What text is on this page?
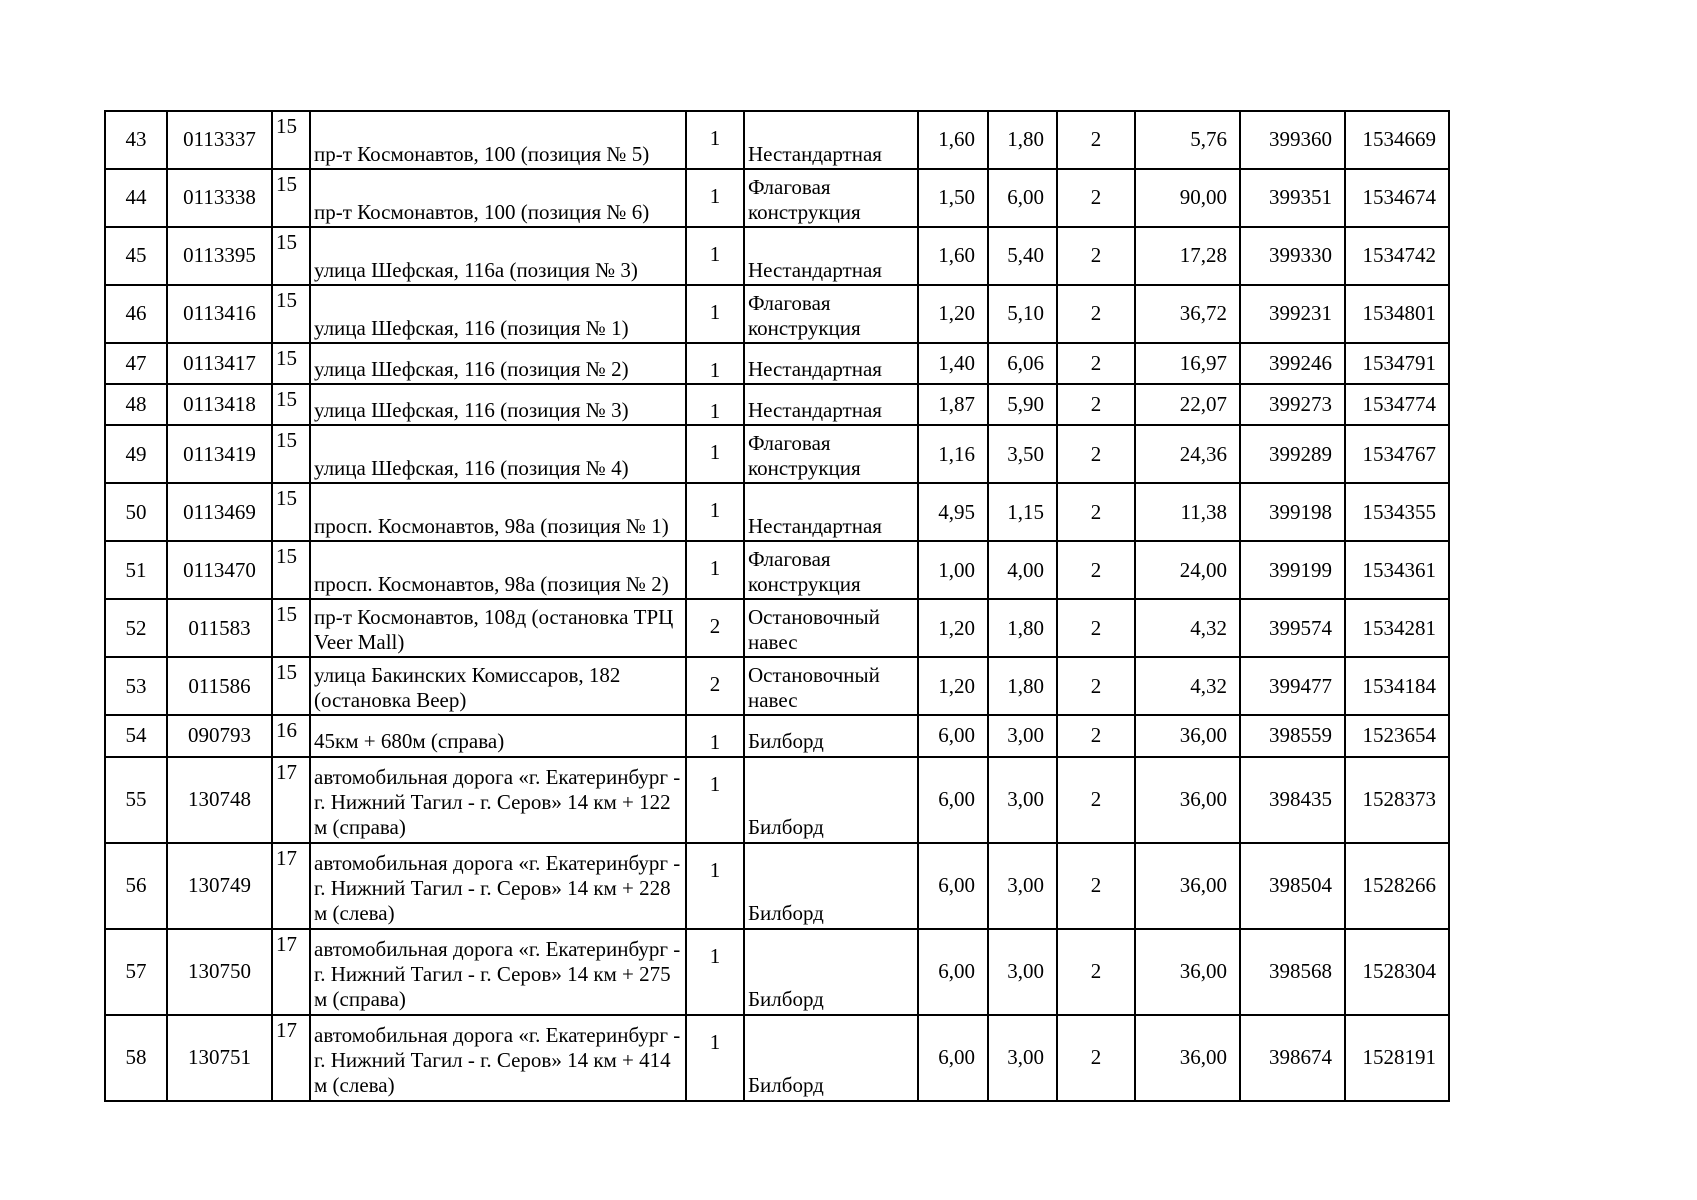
43	0113337	15	пр-т Космонавтов, 100 (позиция № 5)	1	Нестандартная	1,60	1,80	2	5,76	399360	1534669
44	0113338	15	пр-т Космонавтов, 100 (позиция № 6)	1	Флаговая конструкция	1,50	6,00	2	90,00	399351	1534674
45	0113395	15	улица Шефская, 116а (позиция № 3)	1	Нестандартная	1,60	5,40	2	17,28	399330	1534742
46	0113416	15	улица Шефская, 116 (позиция № 1)	1	Флаговая конструкция	1,20	5,10	2	36,72	399231	1534801
47	0113417	15	улица Шефская, 116 (позиция № 2)	1	Нестандартная	1,40	6,06	2	16,97	399246	1534791
48	0113418	15	улица Шефская, 116 (позиция № 3)	1	Нестандартная	1,87	5,90	2	22,07	399273	1534774
49	0113419	15	улица Шефская, 116 (позиция № 4)	1	Флаговая конструкция	1,16	3,50	2	24,36	399289	1534767
50	0113469	15	просп. Космонавтов, 98а (позиция № 1)	1	Нестандартная	4,95	1,15	2	11,38	399198	1534355
51	0113470	15	просп. Космонавтов, 98а (позиция № 2)	1	Флаговая конструкция	1,00	4,00	2	24,00	399199	1534361
52	011583	15	пр-т Космонавтов, 108д (остановка ТРЦ Veer Mall)	2	Остановочный навес	1,20	1,80	2	4,32	399574	1534281
53	011586	15	улица Бакинских Комиссаров, 182 (остановка Веер)	2	Остановочный навес	1,20	1,80	2	4,32	399477	1534184
54	090793	16	45км + 680м (справа)	1	Билборд	6,00	3,00	2	36,00	398559	1523654
55	130748	17	автомобильная дорога «г. Екатеринбург - г. Нижний Тагил - г. Серов» 14 км + 122 м (справа)	1	Билборд	6,00	3,00	2	36,00	398435	1528373
56	130749	17	автомобильная дорога «г. Екатеринбург - г. Нижний Тагил - г. Серов» 14 км + 228 м (слева)	1	Билборд	6,00	3,00	2	36,00	398504	1528266
57	130750	17	автомобильная дорога «г. Екатеринбург - г. Нижний Тагил - г. Серов» 14 км + 275 м (справа)	1	Билборд	6,00	3,00	2	36,00	398568	1528304
58	130751	17	автомобильная дорога «г. Екатеринбург - г. Нижний Тагил - г. Серов» 14 км + 414 м (слева)	1	Билборд	6,00	3,00	2	36,00	398674	1528191
